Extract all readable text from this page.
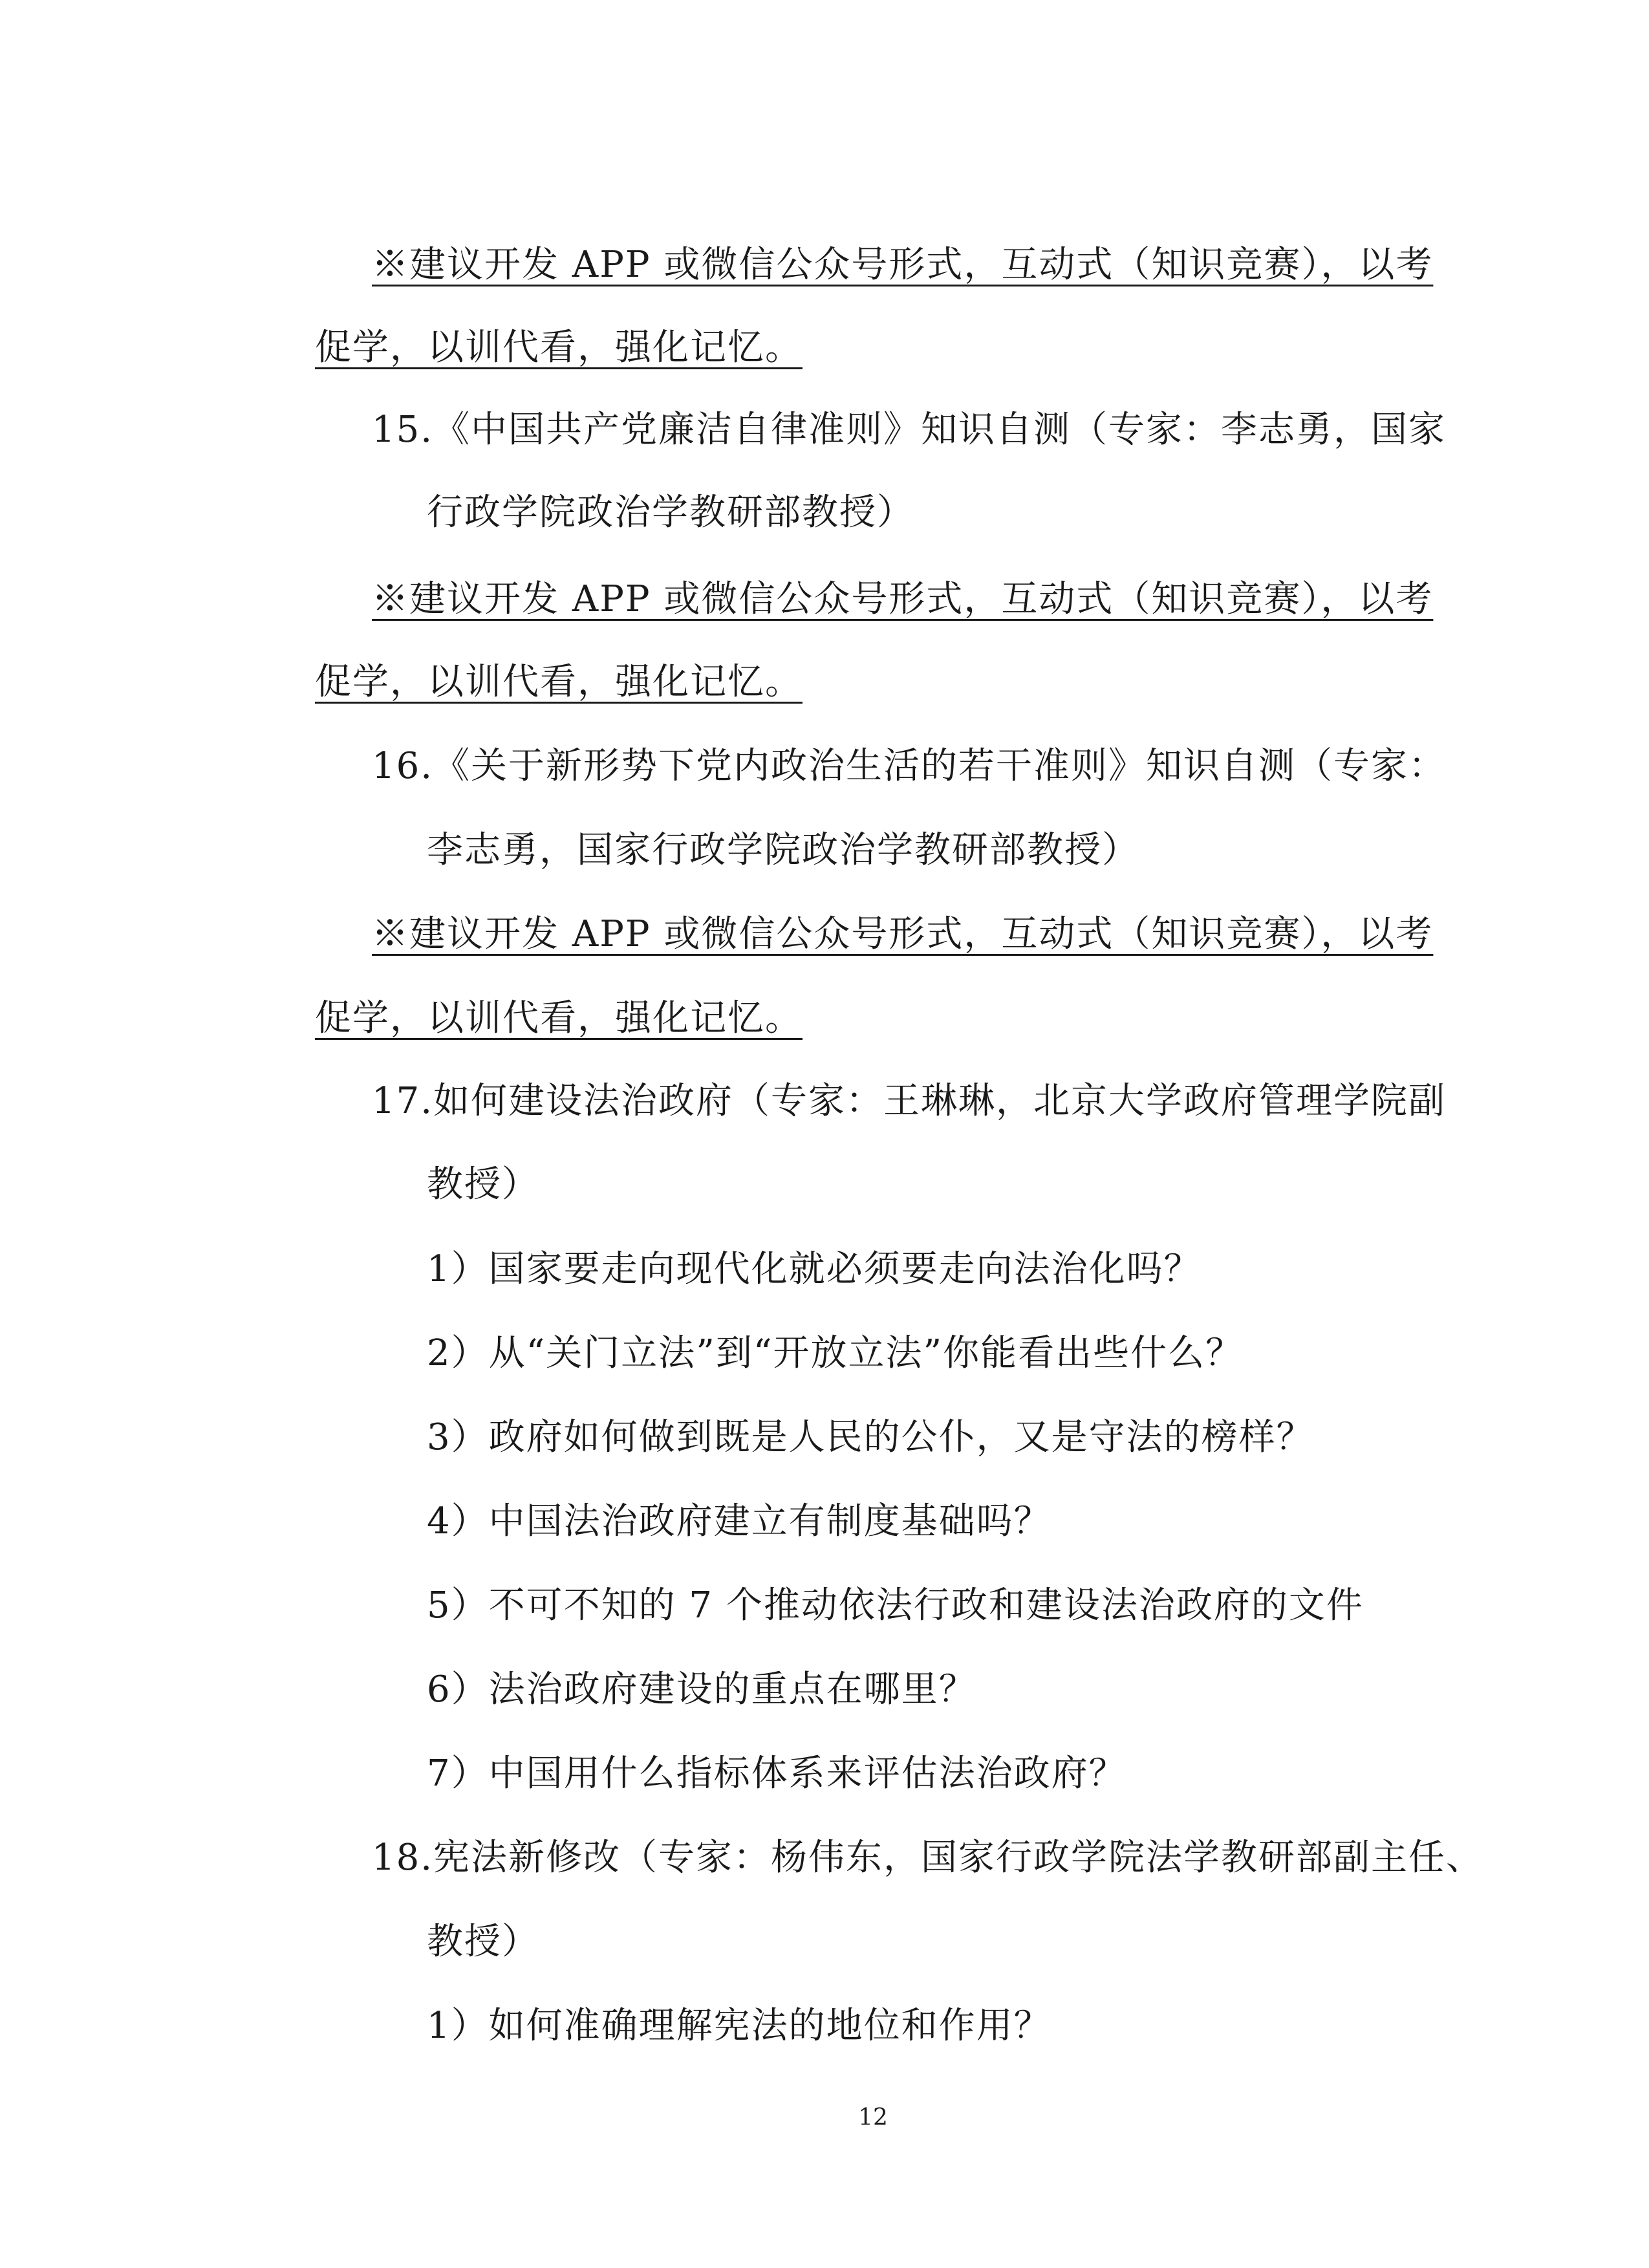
※建议开发 APP 或微信公众号形式，互动式（知识竞赛），以考
促学，以训代看，强化记忆。
15.《中国共产党廉洁自律准则》知识自测（专家：李志勇，国家
行政学院政治学教研部教授）
※建议开发 APP 或微信公众号形式，互动式（知识竞赛），以考
促学，以训代看，强化记忆。
16.《关于新形势下党内政治生活的若干准则》知识自测（专家：
李志勇，国家行政学院政治学教研部教授）
※建议开发 APP 或微信公众号形式，互动式（知识竞赛），以考
促学，以训代看，强化记忆。
17.如何建设法治政府（专家：王琳琳，北京大学政府管理学院副
教授）
1）国家要走向现代化就必须要走向法治化吗？
2）从“关门立法”到“开放立法”你能看出些什么？
3）政府如何做到既是人民的公仆，又是守法的榜样？
4）中国法治政府建立有制度基础吗？
5）不可不知的 7 个推动依法行政和建设法治政府的文件
6）法治政府建设的重点在哪里？
7）中国用什么指标体系来评估法治政府？
18.宪法新修改（专家：杨伟东，国家行政学院法学教研部副主任、
教授）
1）如何准确理解宪法的地位和作用？
12
